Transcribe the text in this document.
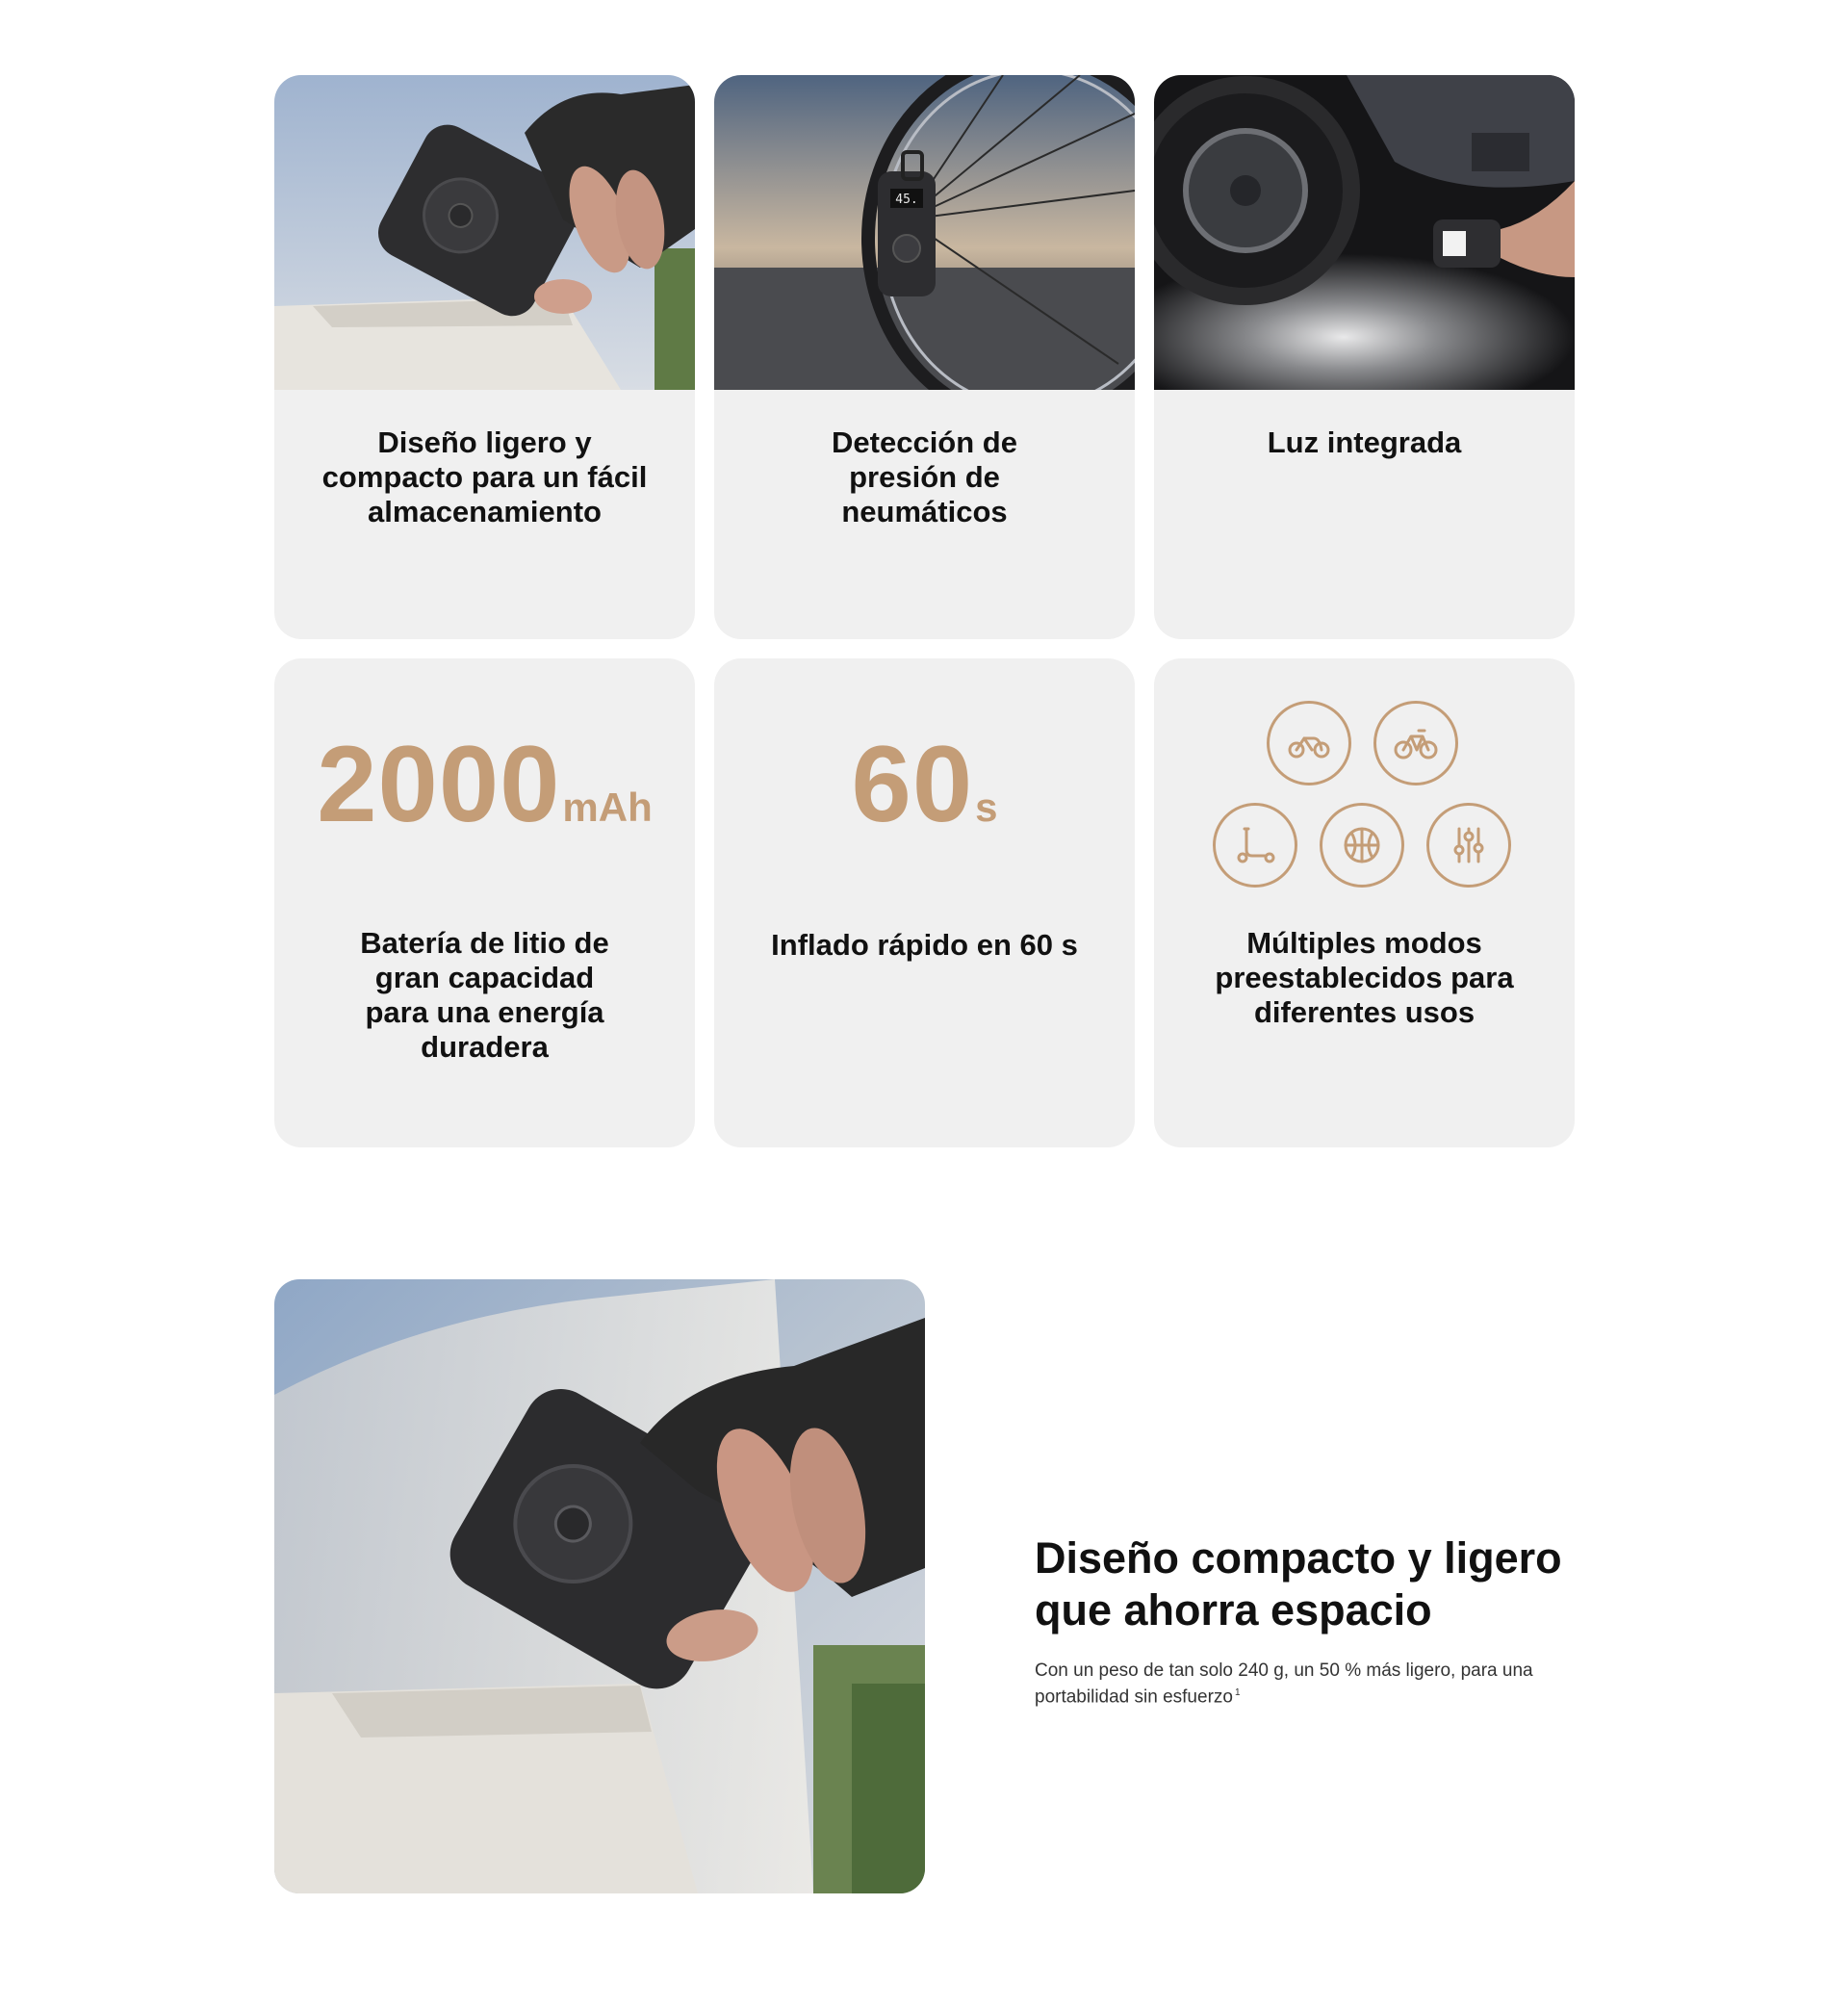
Diseño ligero y compacto para un fácil almacenamiento
45.
Detección de presión de neumáticos
Luz integrada
2000mAh
Batería de litio de gran capacidad para una energía duradera
60s
Inflado rápido en 60 s	Múltiples modos preestablecidos para diferentes usos
Diseño compacto y ligero que ahorra espacio
Con un peso de tan solo 240 g, un 50 % más ligero, para una portabilidad sin esfuerzo $^1$
